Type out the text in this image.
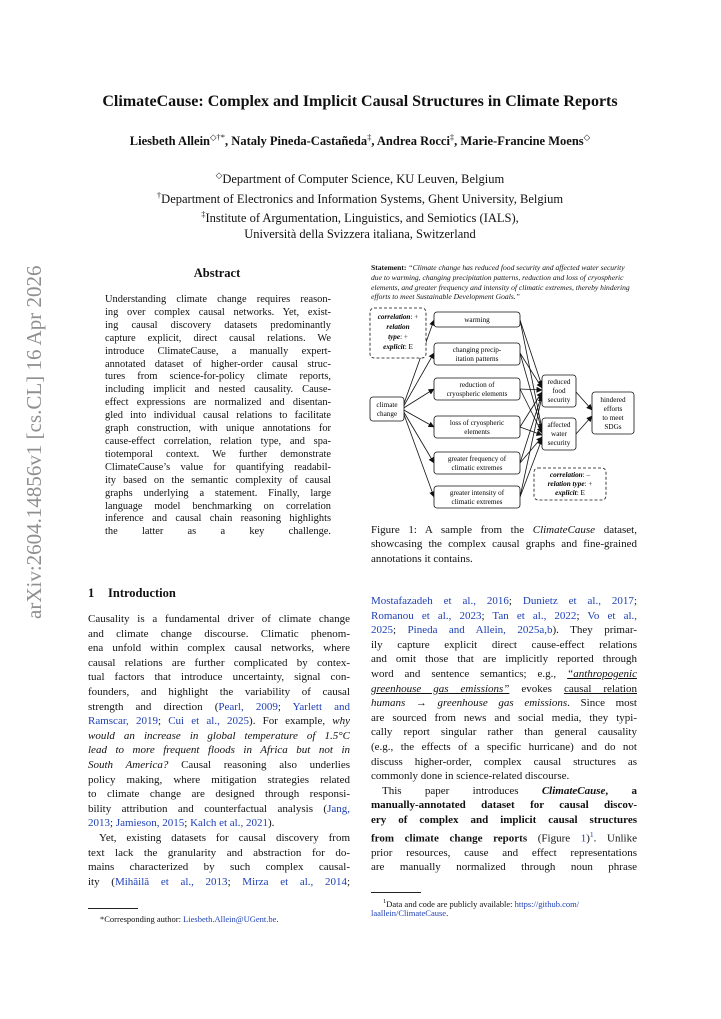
arXiv:2604.14856v1 [cs.CL] 16 Apr 2026
ClimateCause: Complex and Implicit Causal Structures in Climate Reports
Liesbeth Allein◇†*, Nataly Pineda-Castañeda‡, Andrea Rocci‡, Marie-Francine Moens◇
◇Department of Computer Science, KU Leuven, Belgium
†Department of Electronics and Information Systems, Ghent University, Belgium
‡Institute of Argumentation, Linguistics, and Semiotics (IALS),
Università della Svizzera italiana, Switzerland
Abstract
Understanding climate change requires reason-
ing over complex causal networks. Yet, exist-
ing causal discovery datasets predominantly
capture explicit, direct causal relations. We
introduce ClimateCause, a manually expert-
annotated dataset of higher-order causal struc-
tures from science-for-policy climate reports,
including implicit and nested causality. Cause-
effect expressions are normalized and disentan-
gled into individual causal relations to facilitate
graph construction, with unique annotations for
cause-effect correlation, relation type, and spa-
tiotemporal context. We further demonstrate
ClimateCause’s value for quantifying readabil-
ity based on the semantic complexity of causal
graphs underlying a statement. Finally, large
language model benchmarking on correlation
inference and causal chain reasoning highlights
the latter as a key challenge.
1 Introduction
Causality is a fundamental driver of climate change
and climate change discourse. Climatic phenom-
ena unfold within complex causal networks, where
causal relations are further complicated by contex-
tual factors that introduce uncertainty, signal con-
founders, and highlight the variability of causal
strength and direction (Pearl, 2009; Yarlett and
Ramscar, 2019; Cui et al., 2025). For example, why
would an increase in global temperature of 1.5°C
lead to more frequent floods in Africa but not in
South America? Causal reasoning also underlies
policy making, where mitigation strategies related
to climate change are designed through responsi-
bility attribution and counterfactual analysis (Jang,
2013; Jamieson, 2015; Kalch et al., 2021).
Yet, existing datasets for causal discovery from
text lack the granularity and abstraction for do-
mains characterized by such complex causal-
ity (Mihăilă et al., 2013; Mirza et al., 2014;
*Corresponding author: Liesbeth.Allein@UGent.be.
Statement: “Climate change has reduced food security and affected water security due to warming, changing precipitation patterns, reduction and loss of cryospheric elements, and greater frequency and intensity of climatic extremes, thereby hindering efforts to meet Sustainable Development Goals.”
correlation: +
relation
type: +
explicit: E
correlation: –
relation type: +
explicit: E
climate
change
warming
changing precip-
itation patterns
reduction of
cryospheric elements
loss of cryospheric
elements
greater frequency of
climatic extremes
greater intensity of
climatic extremes
reduced
food
security
affected
water
security
hindered
efforts
to meet
SDGs
Figure 1: A sample from the ClimateCause dataset,
showcasing the complex causal graphs and fine-grained
annotations it contains.
Mostafazadeh et al., 2016; Dunietz et al., 2017;
Romanou et al., 2023; Tan et al., 2022; Vo et al.,
2025; Pineda and Allein, 2025a,b). They primar-
ily capture explicit direct cause-effect relations
and omit those that are implicitly reported through
word and sentence semantics; e.g., “anthropogenic
greenhouse gas emissions” evokes causal relation
humans → greenhouse gas emissions. Since most
are sourced from news and social media, they typi-
cally report singular rather than general causality
(e.g., the effects of a specific hurricane) and do not
discuss higher-order, complex causal structures as
commonly done in science-related discourse.
This paper introduces ClimateCause, a
manually-annotated dataset for causal discov-
ery of complex and implicit causal structures
from climate change reports (Figure 1)$^1$. Unlike
prior resources, cause and effect representations
are manually normalized through noun phrase
$^1$Data and code are publicly available: https://github.com/
laallein/ClimateCause.
